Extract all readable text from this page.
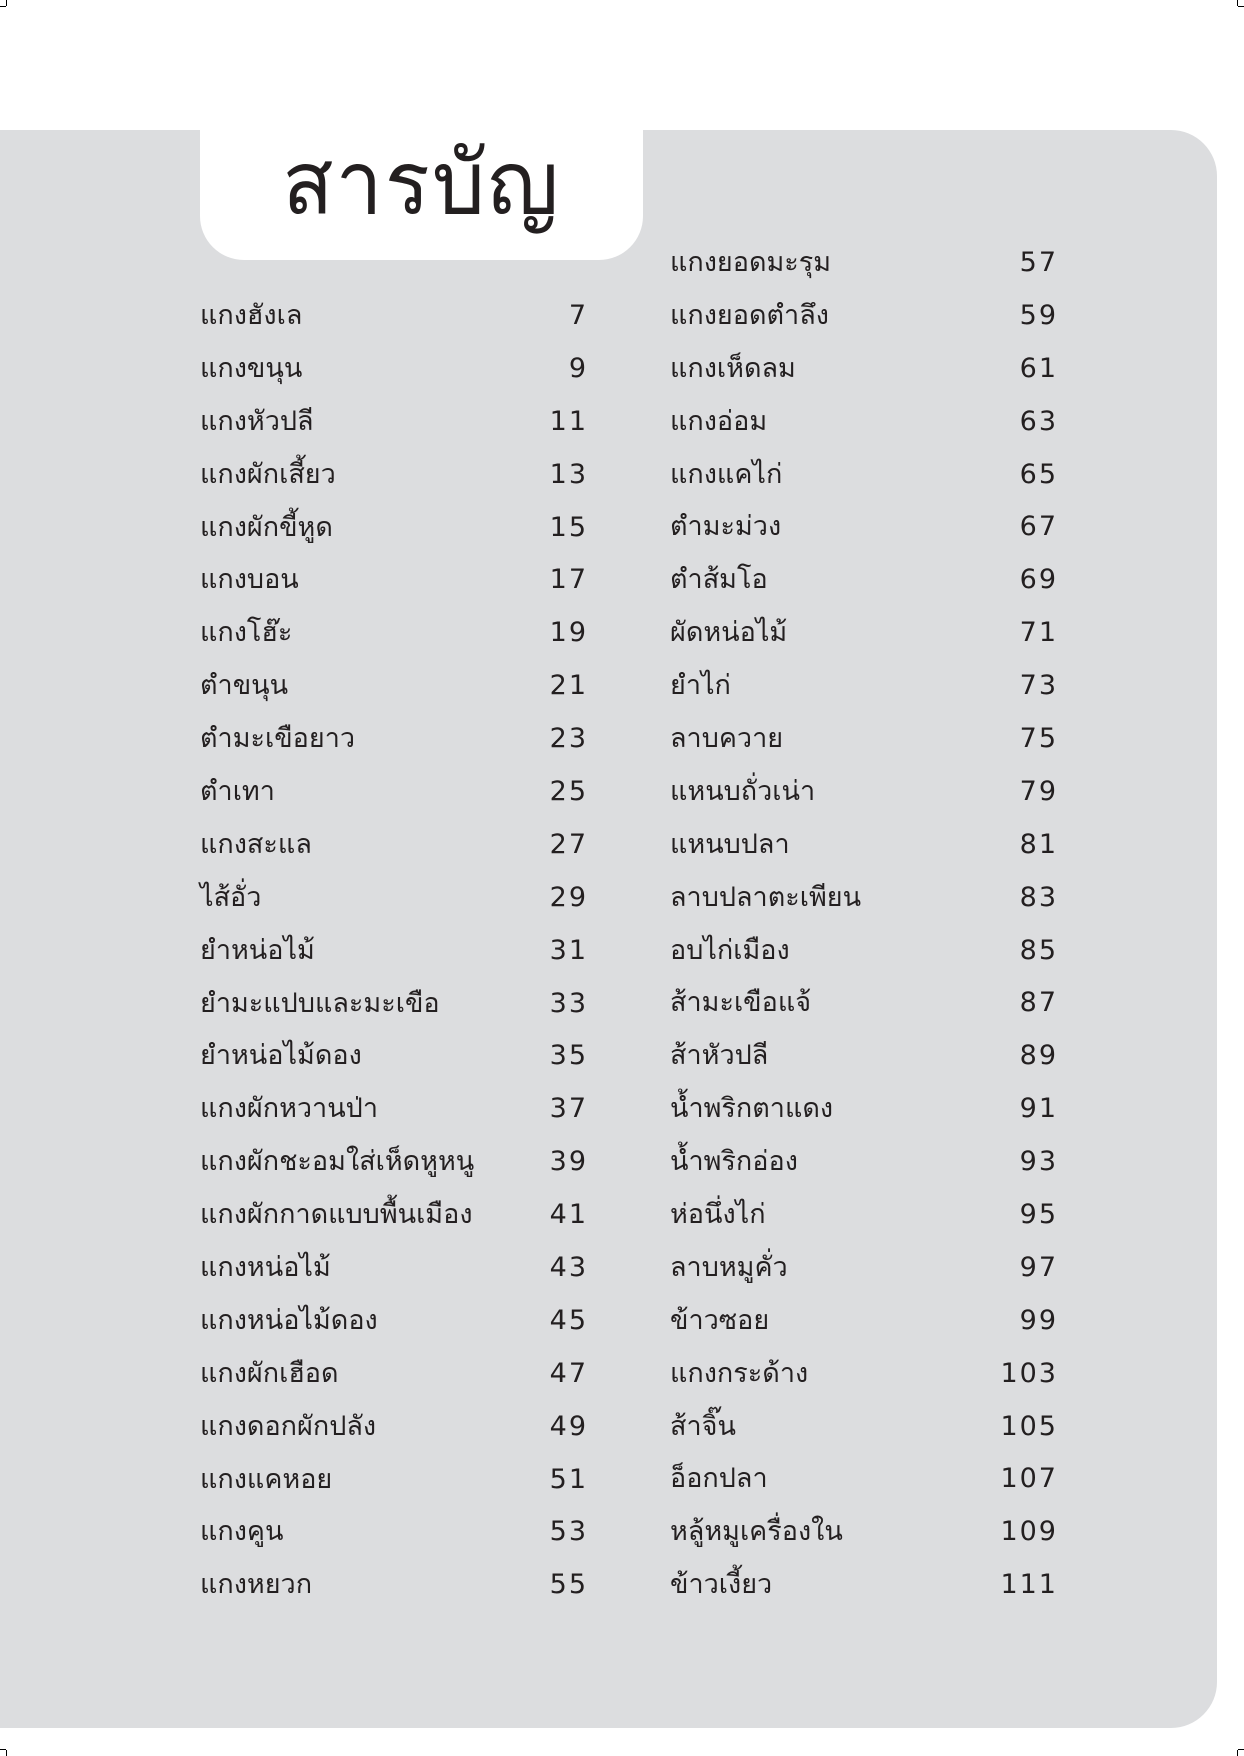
สารบัญ
แกงฮังเล	7
แกงขนุน	9
แกงหัวปลี	11
แกงผักเสี้ยว	13
แกงผักขี้หูด	15
แกงบอน	17
แกงโฮ๊ะ	19
ตำขนุน	21
ตำมะเขือยาว	23
ตำเทา	25
แกงสะแล	27
ไส้อั่ว	29
ยำหน่อไม้	31
ยำมะแปบและมะเขือ	33
ยำหน่อไม้ดอง	35
แกงผักหวานป่า	37
แกงผักชะอมใส่เห็ดหูหนู	39
แกงผักกาดแบบพื้นเมือง	41
แกงหน่อไม้	43
แกงหน่อไม้ดอง	45
แกงผักเฮือด	47
แกงดอกผักปลัง	49
แกงแคหอย	51
แกงคูน	53
แกงหยวก	55
แกงยอดมะรุม	57
แกงยอดตำลึง	59
แกงเห็ดลม	61
แกงอ่อม	63
แกงแคไก่	65
ตำมะม่วง	67
ตำส้มโอ	69
ผัดหน่อไม้	71
ยำไก่	73
ลาบควาย	75
แหนบถั่วเน่า	79
แหนบปลา	81
ลาบปลาตะเพียน	83
อบไก่เมือง	85
ส้ามะเขือแจ้	87
ส้าหัวปลี	89
น้ำพริกตาแดง	91
น้ำพริกอ่อง	93
ห่อนึ่งไก่	95
ลาบหมูคั่ว	97
ข้าวซอย	99
แกงกระด้าง	103
ส้าจิ๊น	105
อ็อกปลา	107
หลู้หมูเครื่องใน	109
ข้าวเงี้ยว	111
